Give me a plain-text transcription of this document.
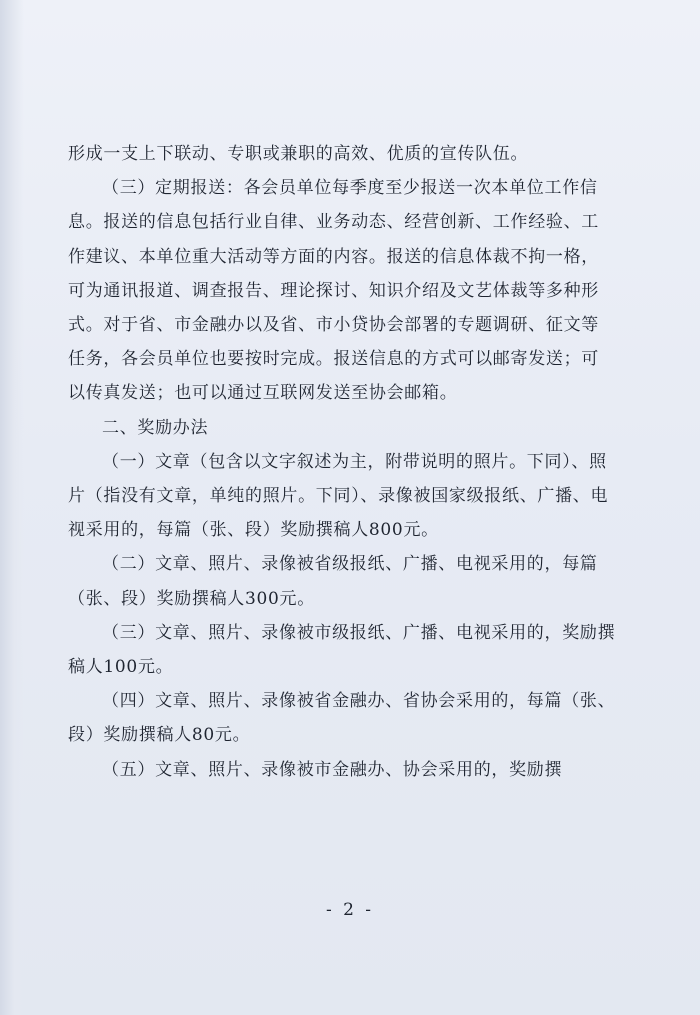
形成一支上下联动、专职或兼职的高效、优质的宣传队伍。

（三）定期报送：各会员单位每季度至少报送一次本单位工作信息。报送的信息包括行业自律、业务动态、经营创新、工作经验、工作建议、本单位重大活动等方面的内容。报送的信息体裁不拘一格，可为通讯报道、调查报告、理论探讨、知识介绍及文艺体裁等多种形式。对于省、市金融办以及省、市小贷协会部署的专题调研、征文等任务，各会员单位也要按时完成。报送信息的方式可以邮寄发送；可以传真发送；也可以通过互联网发送至协会邮箱。

二、奖励办法

（一）文章（包含以文字叙述为主，附带说明的照片。下同）、照片（指没有文章，单纯的照片。下同）、录像被国家级报纸、广播、电视采用的，每篇（张、段）奖励撰稿人800元。

（二）文章、照片、录像被省级报纸、广播、电视采用的，每篇（张、段）奖励撰稿人300元。

（三）文章、照片、录像被市级报纸、广播、电视采用的，奖励撰稿人100元。

（四）文章、照片、录像被省金融办、省协会采用的，每篇（张、段）奖励撰稿人80元。

（五）文章、照片、录像被市金融办、协会采用的，奖励撰

- 2 -
